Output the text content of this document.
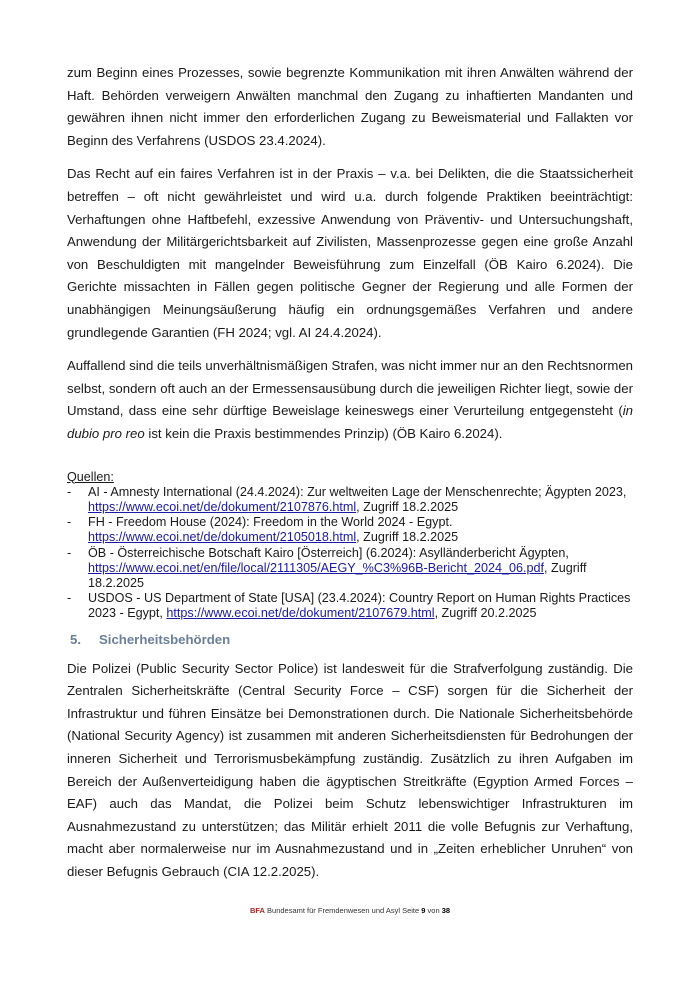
zum Beginn eines Prozesses, sowie begrenzte Kommunikation mit ihren Anwälten während der Haft. Behörden verweigern Anwälten manchmal den Zugang zu inhaftierten Mandanten und gewähren ihnen nicht immer den erforderlichen Zugang zu Beweismaterial und Fallakten vor Beginn des Verfahrens (USDOS 23.4.2024).

Das Recht auf ein faires Verfahren ist in der Praxis – v.a. bei Delikten, die die Staatssicherheit betreffen – oft nicht gewährleistet und wird u.a. durch folgende Praktiken beeinträchtigt: Verhaftungen ohne Haftbefehl, exzessive Anwendung von Präventiv- und Untersuchungshaft, Anwendung der Militärgerichtsbarkeit auf Zivilisten, Massenprozesse gegen eine große Anzahl von Beschuldigten mit mangelnder Beweisführung zum Einzelfall (ÖB Kairo 6.2024). Die Gerichte missachten in Fällen gegen politische Gegner der Regierung und alle Formen der unabhängigen Meinungsäußerung häufig ein ordnungsgemäßes Verfahren und andere grundlegende Garantien (FH 2024; vgl. AI 24.4.2024).

Auffallend sind die teils unverhältnismäßigen Strafen, was nicht immer nur an den Rechtsnormen selbst, sondern oft auch an der Ermessensausübung durch die jeweiligen Richter liegt, sowie der Umstand, dass eine sehr dürftige Beweislage keineswegs einer Verurteilung entgegensteht (in dubio pro reo ist kein die Praxis bestimmendes Prinzip) (ÖB Kairo 6.2024).

Quellen:
- AI - Amnesty International (24.4.2024): Zur weltweiten Lage der Menschenrechte; Ägypten 2023, https://www.ecoi.net/de/dokument/2107876.html, Zugriff 18.2.2025
- FH - Freedom House (2024): Freedom in the World 2024 - Egypt.
https://www.ecoi.net/de/dokument/2105018.html, Zugriff 18.2.2025
- ÖB - Österreichische Botschaft Kairo [Österreich] (6.2024): Asylländerbericht Ägypten,
https://www.ecoi.net/en/file/local/2111305/AEGY_%C3%96B-Bericht_2024_06.pdf, Zugriff 18.2.2025
- USDOS - US Department of State [USA] (23.4.2024): Country Report on Human Rights Practices 2023 - Egypt, https://www.ecoi.net/de/dokument/2107679.html, Zugriff 20.2.2025
5. Sicherheitsbehörden

Die Polizei (Public Security Sector Police) ist landesweit für die Strafverfolgung zuständig. Die Zentralen Sicherheitskräfte (Central Security Force – CSF) sorgen für die Sicherheit der Infrastruktur und führen Einsätze bei Demonstrationen durch. Die Nationale Sicherheitsbehörde (National Security Agency) ist zusammen mit anderen Sicherheitsdiensten für Bedrohungen der inneren Sicherheit und Terrorismusbekämpfung zuständig. Zusätzlich zu ihren Aufgaben im Bereich der Außenverteidigung haben die ägyptischen Streitkräfte (Egyption Armed Forces – EAF) auch das Mandat, die Polizei beim Schutz lebenswichtiger Infrastrukturen im Ausnahmezustand zu unterstützen; das Militär erhielt 2011 die volle Befugnis zur Verhaftung, macht aber normalerweise nur im Ausnahmezustand und in „Zeiten erheblicher Unruhen“ von dieser Befugnis Gebrauch (CIA 12.2.2025).

BFA Bundesamt für Fremdenwesen und Asyl Seite 9 von 38
